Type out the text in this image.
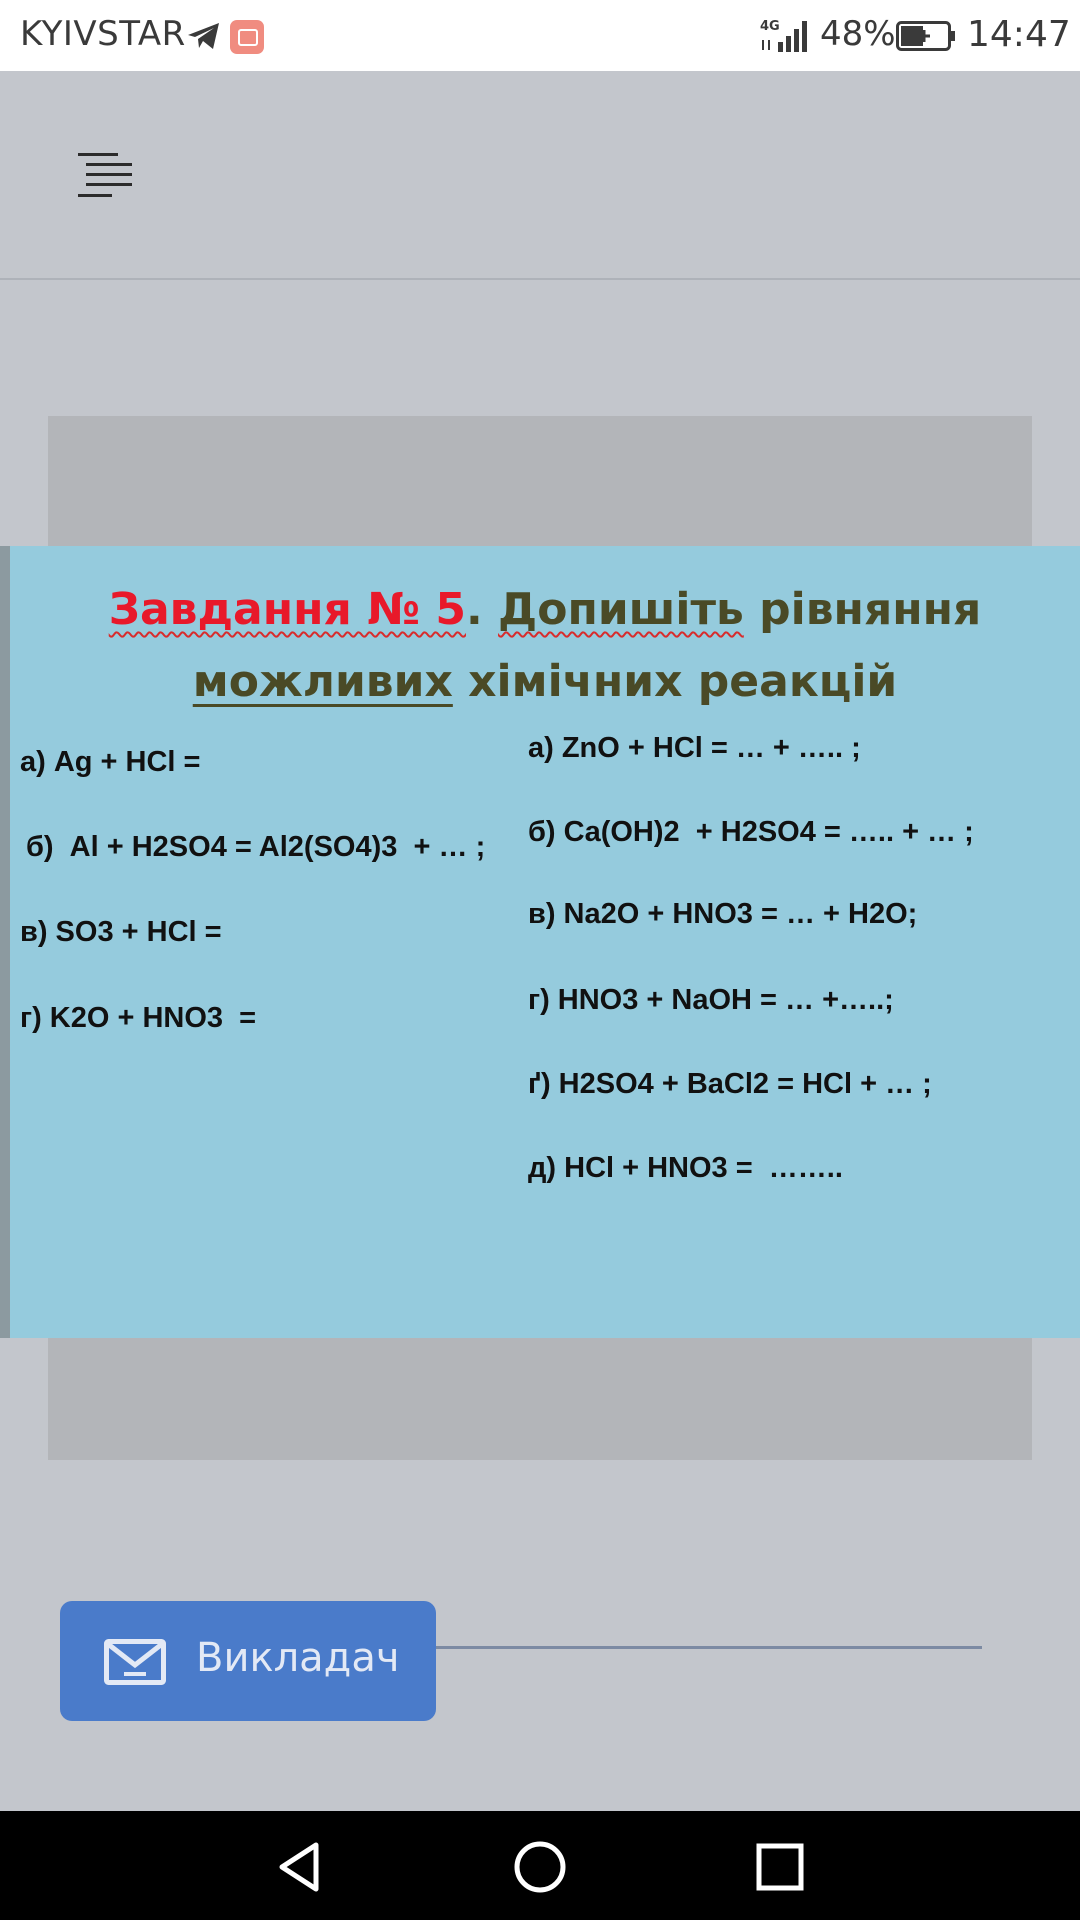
KYIVSTAR	4G 48% 14:47
Завдання № 5. Допишіть рівняння
можливих хімічних реакцій
а) Ag + HCl =
б)  Al + H2SO4 = Al2(SO4)3  + … ;
в) SO3 + HCl =
г) K2O + HNO3  =
а) ZnO + HCl = … + ….. ;
б) Ca(OH)2  + H2SO4 = ….. + … ;
в) Na2O + HNO3 = … + H2O;
г) HNO3 + NaOH = … +…..;
ґ) H2SO4 + BaCl2 = HCl + … ;
д) HCl + HNO3 =  ……..
Викладач
